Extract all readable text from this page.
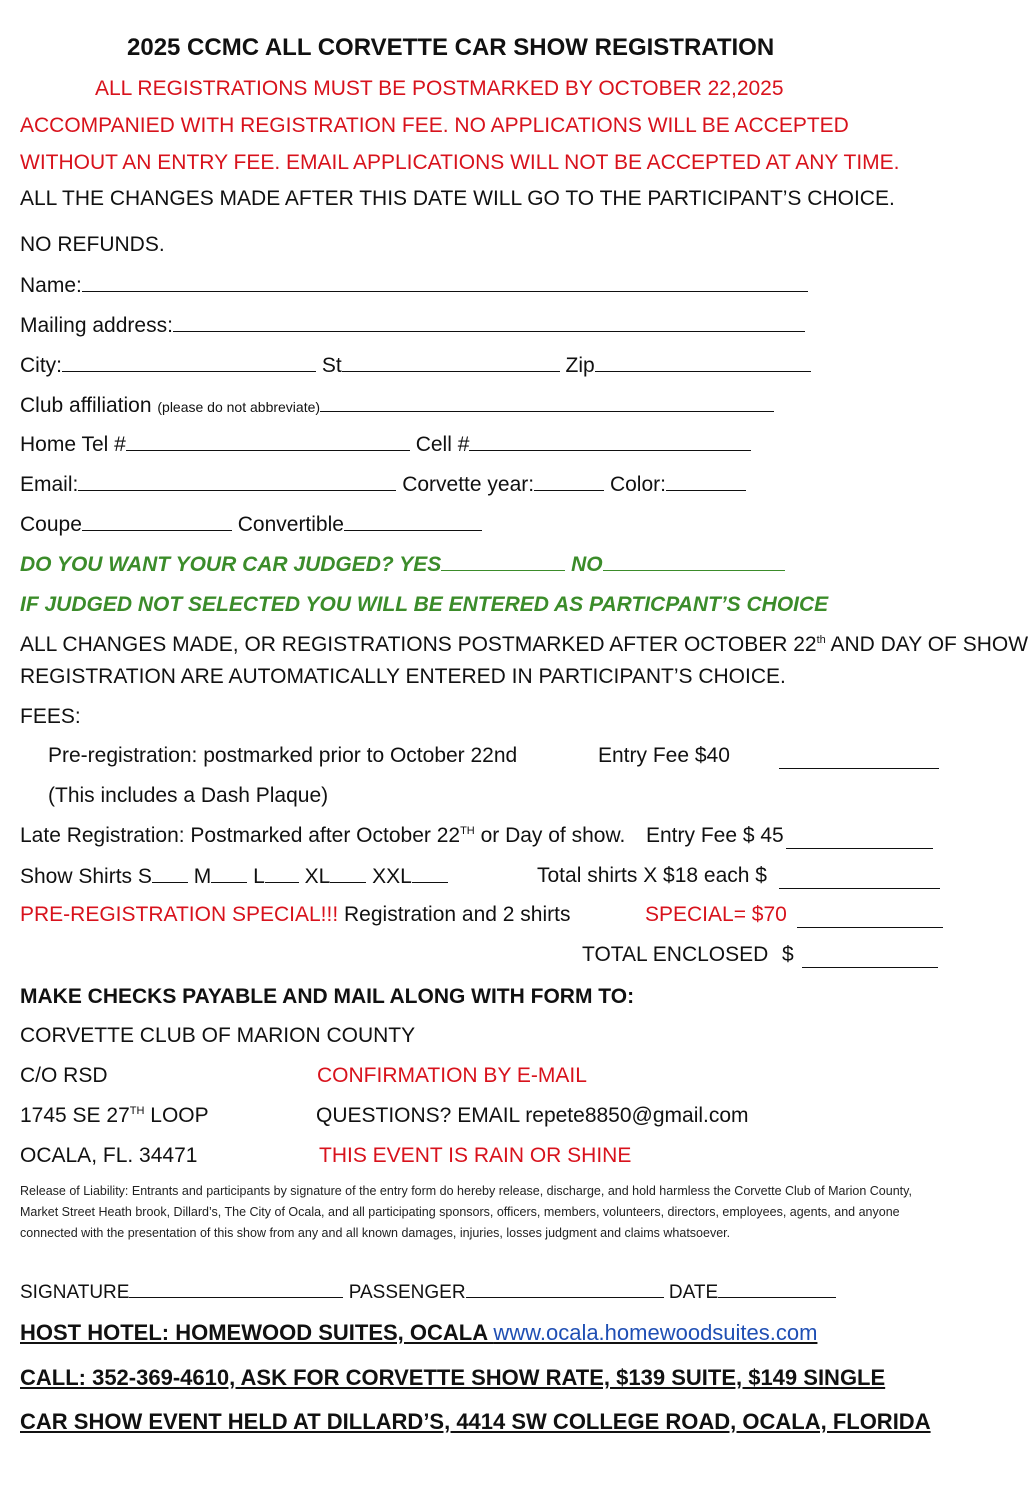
2025 CCMC ALL CORVETTE CAR SHOW REGISTRATION
ALL REGISTRATIONS MUST BE POSTMARKED BY OCTOBER 22,2025
ACCOMPANIED WITH REGISTRATION FEE. NO APPLICATIONS WILL BE ACCEPTED
WITHOUT AN ENTRY FEE. EMAIL APPLICATIONS WILL NOT BE ACCEPTED AT ANY TIME.
ALL THE CHANGES MADE AFTER THIS DATE WILL GO TO THE PARTICIPANT’S CHOICE.
NO REFUNDS.
Name:
Mailing address:
City:	St	Zip
Club affiliation (please do not abbreviate)
Home Tel #	Cell #
Email:	Corvette year:	Color:
Coupe	Convertible
DO YOU WANT YOUR CAR JUDGED? YES	NO
IF JUDGED NOT SELECTED YOU WILL BE ENTERED AS PARTICPANT’S CHOICE
ALL CHANGES MADE, OR REGISTRATIONS POSTMARKED AFTER OCTOBER 22th AND DAY OF SHOW
REGISTRATION ARE AUTOMATICALLY ENTERED IN PARTICIPANT’S CHOICE.
FEES:
Pre-registration: postmarked prior to October 22nd	Entry Fee $40
(This includes a Dash Plaque)
Late Registration: Postmarked after October 22TH or Day of show. Entry Fee $ 45
Show Shirts S M L XL XXL	Total shirts X $18 each $
PRE-REGISTRATION SPECIAL!!! Registration and 2 shirts	SPECIAL= $70
TOTAL ENCLOSED $
MAKE CHECKS PAYABLE AND MAIL ALONG WITH FORM TO:
CORVETTE CLUB OF MARION COUNTY
C/O RSD
1745 SE 27TH LOOP
OCALA, FL. 34471
CONFIRMATION BY E-MAIL
QUESTIONS? EMAIL repete8850@gmail.com
THIS EVENT IS RAIN OR SHINE
Release of Liability: Entrants and participants by signature of the entry form do hereby release, discharge, and hold harmless the Corvette Club of Marion County, Market Street Heath brook, Dillard’s, The City of Ocala, and all participating sponsors, officers, members, volunteers, directors, employees, agents, and anyone connected with the presentation of this show from any and all known damages, injuries, losses judgment and claims whatsoever.
SIGNATURE	PASSENGER	DATE
HOST HOTEL: HOMEWOOD SUITES, OCALA www.ocala.homewoodsuites.com
CALL: 352-369-4610, ASK FOR CORVETTE SHOW RATE, $139 SUITE, $149 SINGLE
CAR SHOW EVENT HELD AT DILLARD’S, 4414 SW COLLEGE ROAD, OCALA, FLORIDA
